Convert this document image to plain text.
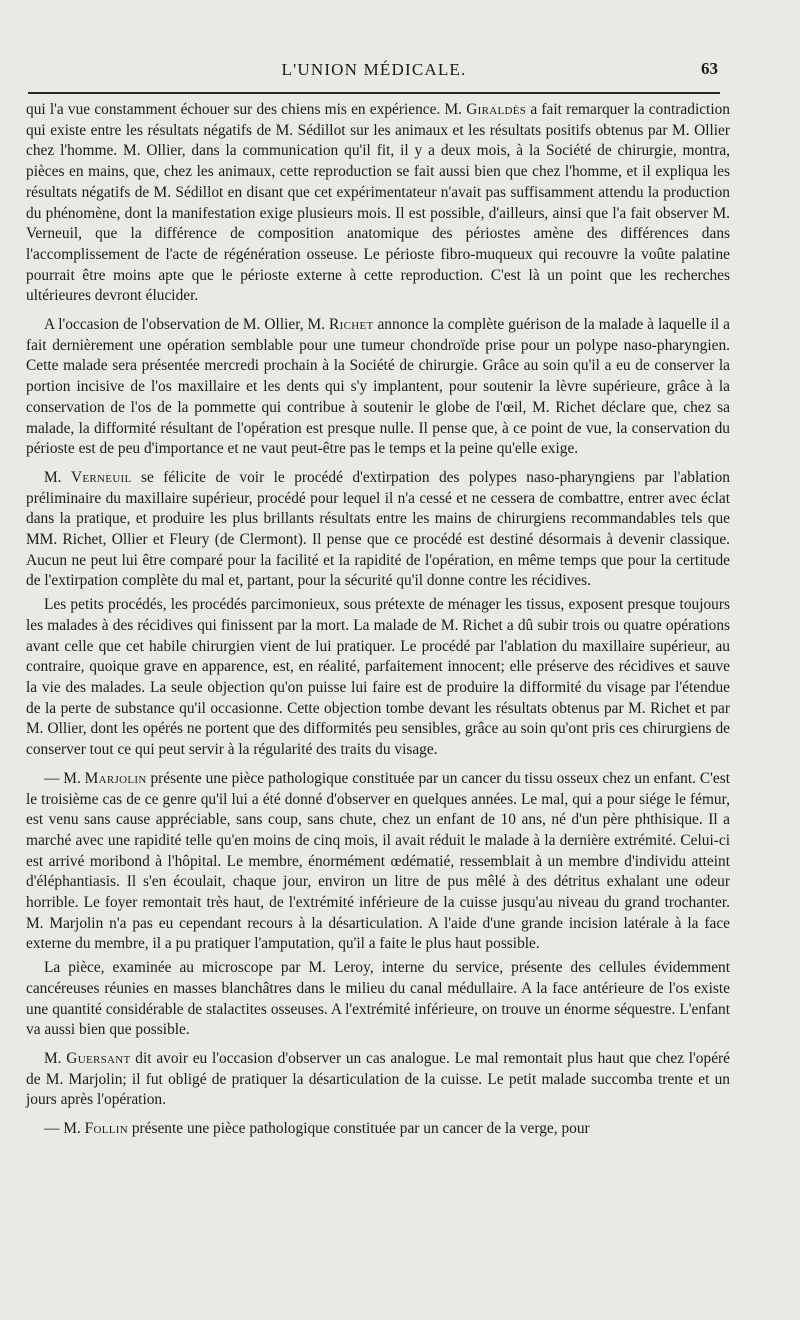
L'UNION MÉDICALE.	63

qui l'a vue constamment échouer sur des chiens mis en expérience. M. Giraldès a fait remarquer la contradiction qui existe entre les résultats négatifs de M. Sédillot sur les animaux et les résultats positifs obtenus par M. Ollier chez l'homme. M. Ollier, dans la communication qu'il fit, il y a deux mois, à la Société de chirurgie, montra, pièces en mains, que, chez les animaux, cette reproduction se fait aussi bien que chez l'homme, et il expliqua les résultats négatifs de M. Sédillot en disant que cet expérimentateur n'avait pas suffisamment attendu la production du phénomène, dont la manifestation exige plusieurs mois. Il est possible, d'ailleurs, ainsi que l'a fait observer M. Verneuil, que la différence de composition anatomique des périostes amène des différences dans l'accomplissement de l'acte de régénération osseuse. Le périoste fibro-muqueux qui recouvre la voûte palatine pourrait être moins apte que le périoste externe à cette reproduction. C'est là un point que les recherches ultérieures devront élucider.

A l'occasion de l'observation de M. Ollier, M. Richet annonce la complète guérison de la malade à laquelle il a fait dernièrement une opération semblable pour une tumeur chondroïde prise pour un polype naso-pharyngien. Cette malade sera présentée mercredi prochain à la Société de chirurgie. Grâce au soin qu'il a eu de conserver la portion incisive de l'os maxillaire et les dents qui s'y implantent, pour soutenir la lèvre supérieure, grâce à la conservation de l'os de la pommette qui contribue à soutenir le globe de l'œil, M. Richet déclare que, chez sa malade, la difformité résultant de l'opération est presque nulle. Il pense que, à ce point de vue, la conservation du périoste est de peu d'importance et ne vaut peut-être pas le temps et la peine qu'elle exige.

M. Verneuil se félicite de voir le procédé d'extirpation des polypes naso-pharyngiens par l'ablation préliminaire du maxillaire supérieur, procédé pour lequel il n'a cessé et ne cessera de combattre, entrer avec éclat dans la pratique, et produire les plus brillants résultats entre les mains de chirurgiens recommandables tels que MM. Richet, Ollier et Fleury (de Clermont). Il pense que ce procédé est destiné désormais à devenir classique. Aucun ne peut lui être comparé pour la facilité et la rapidité de l'opération, en même temps que pour la certitude de l'extirpation complète du mal et, partant, pour la sécurité qu'il donne contre les récidives.

Les petits procédés, les procédés parcimonieux, sous prétexte de ménager les tissus, exposent presque toujours les malades à des récidives qui finissent par la mort. La malade de M. Richet a dû subir trois ou quatre opérations avant celle que cet habile chirurgien vient de lui pratiquer. Le procédé par l'ablation du maxillaire supérieur, au contraire, quoique grave en apparence, est, en réalité, parfaitement innocent; elle préserve des récidives et sauve la vie des malades. La seule objection qu'on puisse lui faire est de produire la difformité du visage par l'étendue de la perte de substance qu'il occasionne. Cette objection tombe devant les résultats obtenus par M. Richet et par M. Ollier, dont les opérés ne portent que des difformités peu sensibles, grâce au soin qu'ont pris ces chirurgiens de conserver tout ce qui peut servir à la régularité des traits du visage.

— M. Marjolin présente une pièce pathologique constituée par un cancer du tissu osseux chez un enfant. C'est le troisième cas de ce genre qu'il lui a été donné d'observer en quelques années. Le mal, qui a pour siége le fémur, est venu sans cause appréciable, sans coup, sans chute, chez un enfant de 10 ans, né d'un père phthisique. Il a marché avec une rapidité telle qu'en moins de cinq mois, il avait réduit le malade à la dernière extrémité. Celui-ci est arrivé moribond à l'hôpital. Le membre, énormément œdématié, ressemblait à un membre d'individu atteint d'éléphantiasis. Il s'en écoulait, chaque jour, environ un litre de pus mêlé à des détritus exhalant une odeur horrible. Le foyer remontait très haut, de l'extrémité inférieure de la cuisse jusqu'au niveau du grand trochanter. M. Marjolin n'a pas eu cependant recours à la désarticulation. A l'aide d'une grande incision latérale à la face externe du membre, il a pu pratiquer l'amputation, qu'il a faite le plus haut possible.

La pièce, examinée au microscope par M. Leroy, interne du service, présente des cellules évidemment cancéreuses réunies en masses blanchâtres dans le milieu du canal médullaire. A la face antérieure de l'os existe une quantité considérable de stalactites osseuses. A l'extrémité inférieure, on trouve un énorme séquestre. L'enfant va aussi bien que possible.

M. Guersant dit avoir eu l'occasion d'observer un cas analogue. Le mal remontait plus haut que chez l'opéré de M. Marjolin; il fut obligé de pratiquer la désarticulation de la cuisse. Le petit malade succomba trente et un jours après l'opération.

— M. Follin présente une pièce pathologique constituée par un cancer de la verge, pour
